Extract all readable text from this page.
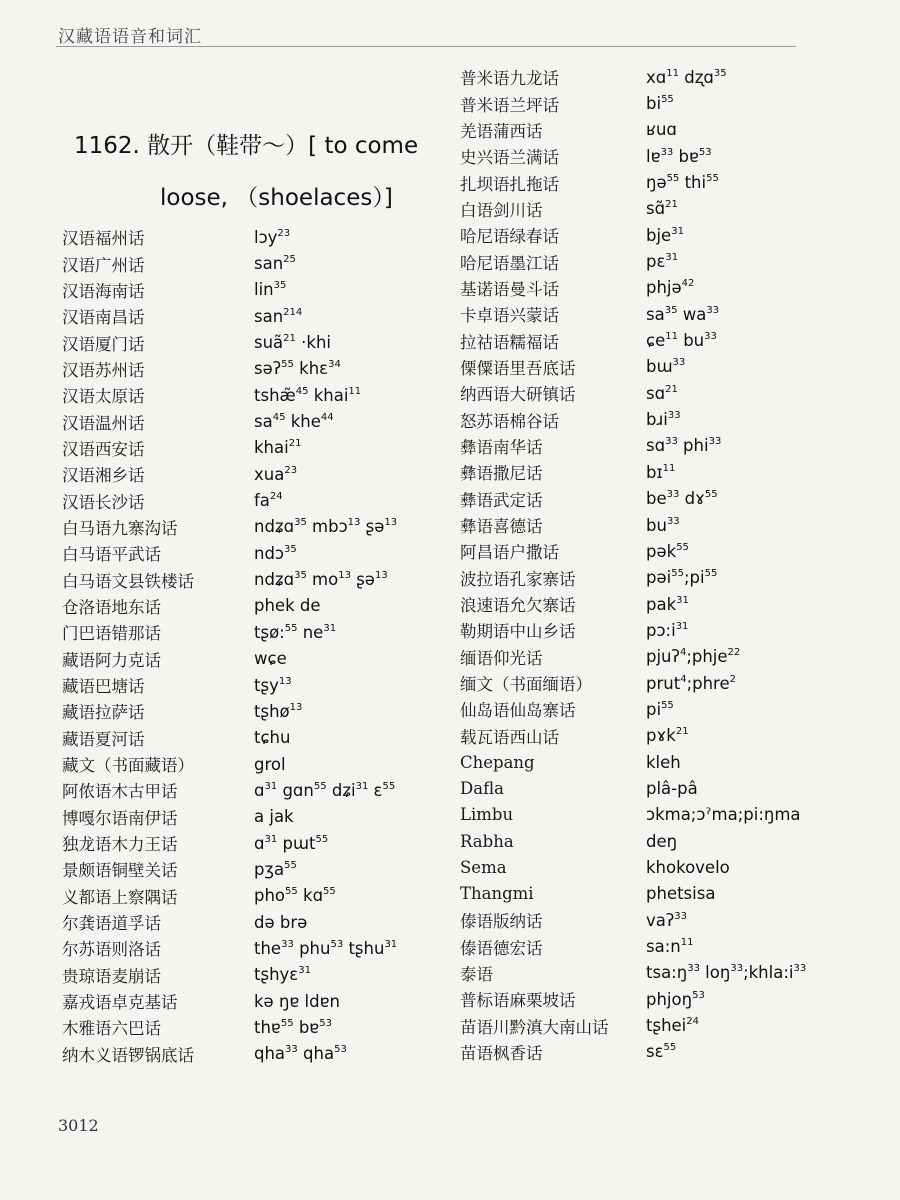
汉藏语语音和词汇
1162. 散开（鞋带～）[ to come
loose, （shoelaces）]
汉语福州话	lɔy$^{23}$
汉语广州话	san$^{25}$
汉语海南话	lin$^{35}$
汉语南昌话	san$^{214}$
汉语厦门话	suã$^{21}$ ·khi
汉语苏州话	səʔ$^{55}$ khɛ$^{34}$
汉语太原话	tshæ̃$^{45}$ khai$^{11}$
汉语温州话	$sa^{45}$ khe$^{44}$
汉语西安话	khai$^{21}$
汉语湘乡话	xua$^{23}$
汉语长沙话	$fa^{24}$
白马语九寨沟话	ndʑɑ$^{35}$ mbɔ$^{13}$ ʂə$^{13}$
白马语平武话	ndɔ$^{35}$
白马语文县铁楼话	ndʑɑ$^{35}$ $mo^{13}$ ʂə$^{13}$
仓洛语地东话	phek de
门巴语错那话	tʂø:$^{55}$ $ne^{31}$
藏语阿力克话	wɕe
藏语巴塘话	tʂy$^{13}$
藏语拉萨话	tʂhø$^{13}$
藏语夏河话	tɕhu
藏文（书面藏语）	grol
阿侬语木古甲话	ɑ$^{31}$ gɑn$^{55}$ dʑi$^{31}$ ɛ$^{55}$
博嘎尔语南伊话	a jak
独龙语木力王话	ɑ$^{31}$ pɯt$^{55}$
景颇语铜壁关话	pʒa$^{55}$
义都语上察隅话	pho$^{55}$ kɑ$^{55}$
尔龚语道孚话	də brə
尔苏语则洛话	the$^{33}$ phu$^{53}$ tʂhu$^{31}$
贵琼语麦崩话	tʂhyɛ$^{31}$
嘉戎语卓克基话	kə ŋɐ ldɐn
木雅语六巴话	thɐ$^{55}$ bɐ$^{53}$
纳木义语锣锅底话	qha$^{33}$ qha$^{53}$
普米语九龙话	xɑ$^{11}$ dʐɑ$^{35}$
普米语兰坪话	$bi^{55}$
羌语蒲西话	ʁuɑ
史兴语兰满话	lɐ$^{33}$ bɐ$^{53}$
扎坝语扎拖话	ŋə$^{55}$ thi$^{55}$
白语剑川话	sɑ̃$^{21}$
哈尼语绿春话	bje$^{31}$
哈尼语墨江话	pɛ$^{31}$
基诺语曼斗话	phjə$^{42}$
卡卓语兴蒙话	$sa^{35}$ $wa^{33}$
拉祜语糯福话	ɕe$^{11}$ $bu^{33}$
傈僳语里吾底话	bɯ$^{33}$
纳西语大研镇话	sɑ$^{21}$
怒苏语棉谷话	bɹi$^{33}$
彝语南华话	sɑ$^{33}$ phi$^{33}$
彝语撒尼话	bɪ$^{11}$
彝语武定话	$be^{33}$ dɤ$^{55}$
彝语喜德话	$bu^{33}$
阿昌语户撒话	pək$^{55}$
波拉语孔家寨话	$pəi^{55};pi^{55}$
浪速语允欠寨话	pak$^{31}$
勒期语中山乡话	$pɔ:i^{31}$
缅语仰光话	pjuʔ$^4$;phje$^{22}$
缅文（书面缅语）	prut$^4$;phre$^2$
仙岛语仙岛寨话	$pi^{55}$
载瓦语西山话	pɤk$^{21}$
Chepang	kleh
Dafla	plâ-pâ
Limbu	ɔkma;ɔˀma;pi:ŋma
Rabha	deŋ
Sema	khokovelo
Thangmi	phetsisa
傣语版纳话	vaʔ$^{33}$
傣语德宏话	$sa:n^{11}$
泰语	$tsa:ŋ^{33}$ $loŋ^{33};khla:i^{33}$
普标语麻栗坡话	phjoŋ$^{53}$
苗语川黔滇大南山话	tʂhei$^{24}$
苗语枫香话	sɛ$^{55}$
3012
